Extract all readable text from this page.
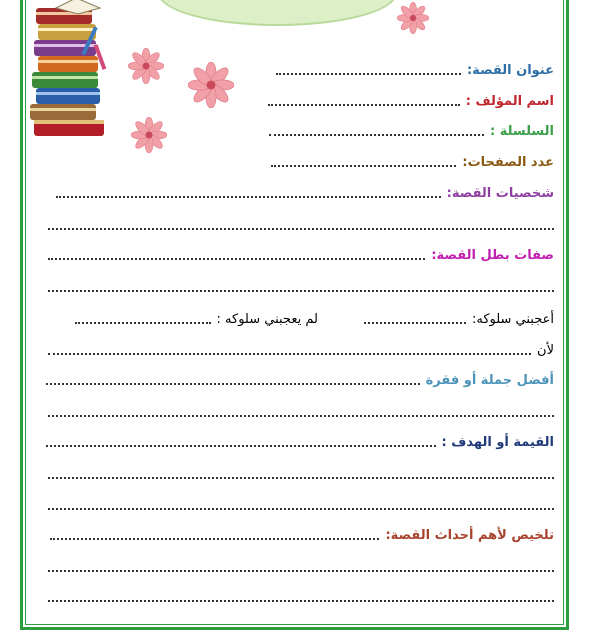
عنوان القصة:
اسم المؤلف :
السلسلة :
عدد الصفحات:
شخصيات القصة:
صفات بطل القصة:
أعجبني سلوكه:
لم يعجبني سلوكه :
لأن
أفضل جملة أو فقرة
القيمة أو الهدف :
تلخيص لأهم أحداث القصة:
